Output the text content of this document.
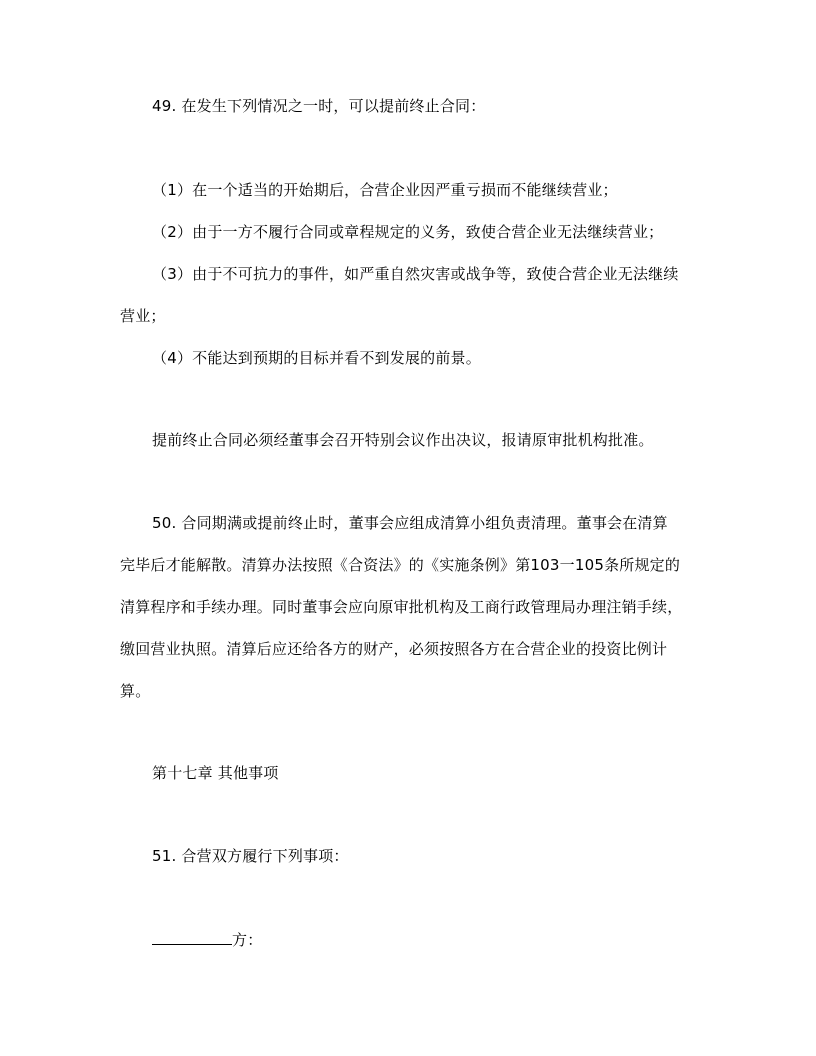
49. 在发生下列情况之一时，可以提前终止合同：
（1）在一个适当的开始期后，合营企业因严重亏损而不能继续营业；
（2）由于一方不履行合同或章程规定的义务，致使合营企业无法继续营业；
（3）由于不可抗力的事件，如严重自然灾害或战争等，致使合营企业无法继续
营业；
（4）不能达到预期的目标并看不到发展的前景。
提前终止合同必须经董事会召开特别会议作出决议，报请原审批机构批准。
50. 合同期满或提前终止时，董事会应组成清算小组负责清理。董事会在清算
完毕后才能解散。清算办法按照《合资法》的《实施条例》第103一105条所规定的
清算程序和手续办理。同时董事会应向原审批机构及工商行政管理局办理注销手续，
缴回营业执照。清算后应还给各方的财产，必须按照各方在合营企业的投资比例计
算。
第十七章 其他事项
51. 合营双方履行下列事项：
方：
